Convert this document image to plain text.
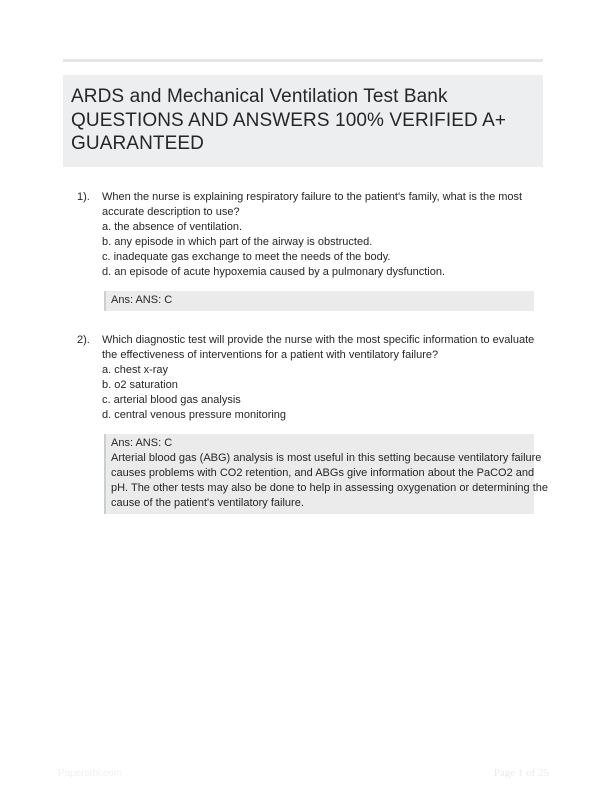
ARDS and Mechanical Ventilation Test Bank
QUESTIONS AND ANSWERS 100% VERIFIED A+
GUARANTEED
1). When the nurse is explaining respiratory failure to the patient's family, what is the most
accurate description to use?
a. the absence of ventilation.
b. any episode in which part of the airway is obstructed.
c. inadequate gas exchange to meet the needs of the body.
d. an episode of acute hypoxemia caused by a pulmonary dysfunction.
Ans: ANS: C
2). Which diagnostic test will provide the nurse with the most specific information to evaluate
the effectiveness of interventions for a patient with ventilatory failure?
a. chest x-ray
b. o2 saturation
c. arterial blood gas analysis
d. central venous pressure monitoring
Ans: ANS: C
Arterial blood gas (ABG) analysis is most useful in this setting because ventilatory failure
causes problems with CO2 retention, and ABGs give information about the PaCO2 and
pH. The other tests may also be done to help in assessing oxygenation or determining the
cause of the patient's ventilatory failure.
Paperstbl.com	Page 1 of 25
